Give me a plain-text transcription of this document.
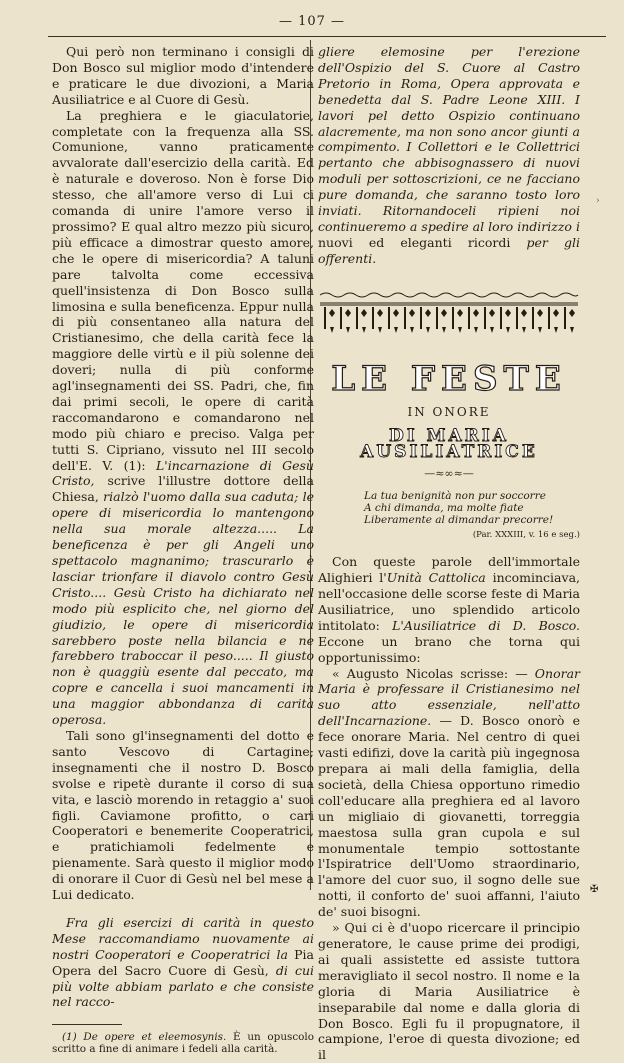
— 107 —

Qui però non terminano i consigli di Don Bosco sul miglior modo d'intendere e praticare le due divozioni, a Maria Ausiliatrice e al Cuore di Gesù.

La preghiera e le giaculatorie, completate con la frequenza alla SS. Comunione, vanno praticamente avvalorate dall'esercizio della carità. Ed è naturale e doveroso. Non è forse Dio stesso, che all'amore verso di Lui ci comanda di unire l'amore verso il prossimo? E qual altro mezzo più sicuro, più efficace a dimostrar questo amore, che le opere di misericordia? A taluni pare talvolta come eccessiva quell'insistenza di Don Bosco sulla limosina e sulla beneficenza. Eppur nulla di più consentaneo alla natura del Cristianesimo, che della carità fece la maggiore delle virtù e il più solenne dei doveri; nulla di più conforme agl'insegnamenti dei SS. Padri, che, fin dai primi secoli, le opere di carità raccomandarono e comandarono nel modo più chiaro e preciso. Valga per tutti S. Cipriano, vissuto nel III secolo dell'E. V. (1): L'incarnazione di Gesù Cristo, scrive l'illustre dottore della Chiesa, rialzò l'uomo dalla sua caduta; le opere di misericordia lo mantengono nella sua morale altezza..... La beneficenza è per gli Angeli uno spettacolo magnanimo; trascurarlo è lasciar trionfare il diavolo contro Gesù Cristo.... Gesù Cristo ha dichiarato nel modo più esplicito che, nel giorno del giudizio, le opere di misericordia sarebbero poste nella bilancia e ne farebbero traboccar il peso..... Il giusto non è quaggiù esente dal peccato, ma copre e cancella i suoi mancamenti in una maggior abbondanza di carità operosa.

Tali sono gl'insegnamenti del dotto e santo Vescovo di Cartagine; insegnamenti che il nostro D. Bosco svolse e ripetè durante il corso di sua vita, e lasciò morendo in retaggio a' suoi figli. Caviamone profitto, o cari Cooperatori e benemerite Cooperatrici, e pratichiamoli fedelmente e pienamente. Sarà questo il miglior modo di onorare il Cuor di Gesù nel bel mese a Lui dedicato.

Fra gli esercizi di carità in questo Mese raccomandiamo nuovamente ai nostri Cooperatori e Cooperatrici la Pia Opera del Sacro Cuore di Gesù, di cui più volte abbiam parlato e che consiste nel racco-

(1) De opere et eleemosynis. È un opuscolo scritto a fine di animare i fedeli alla carità.

gliere elemosine per l'erezione dell'Ospizio del S. Cuore al Castro Pretorio in Roma, Opera approvata e benedetta dal S. Padre Leone XIII. I lavori pel detto Ospizio continuano alacremente, ma non sono ancor giunti a compimento. I Collettori e le Collettrici pertanto che abbisognassero di nuovi moduli per sottoscrizioni, ce ne facciano pure domanda, che saranno tosto loro inviati. Ritornandoceli ripieni noi continueremo a spedire al loro indirizzo i nuovi ed eleganti ricordi per gli offerenti.

LE FESTE
IN ONORE
DI MARIA AUSILIATRICE
—≈∞≈—
La tua benignità non pur soccorre
A chi dimanda, ma molte fiate
Liberamente al dimandar precorre!
(Par. XXXIII, v. 16 e seg.)

Con queste parole dell'immortale Alighieri l'Unità Cattolica incominciava, nell'occasione delle scorse feste di Maria Ausiliatrice, uno splendido articolo intitolato: L'Ausiliatrice di D. Bosco. Eccone un brano che torna qui opportunissimo:

« Augusto Nicolas scrisse: — Onorar Maria è professare il Cristianesimo nel suo atto essenziale, nell'atto dell'Incarnazione. — D. Bosco onorò e fece onorare Maria. Nel centro di quei vasti edifizi, dove la carità più ingegnosa prepara ai mali della famiglia, della società, della Chiesa opportuno rimedio coll'educare alla preghiera ed al lavoro un migliaio di giovanetti, torreggia maestosa sulla gran cupola e sul monumentale tempio sottostante l'Ispiratrice dell'Uomo straordinario, l'amore del cuor suo, il sogno delle sue notti, il conforto de' suoi affanni, l'aiuto de' suoi bisogni.

» Qui ci è d'uopo ricercare il principio generatore, le cause prime dei prodigi, ai quali assistette ed assiste tuttora meravigliato il secol nostro. Il nome e la gloria di Maria Ausiliatrice è inseparabile dal nome e dalla gloria di Don Bosco. Egli fu il propugnatore, il campione, l'eroe di questa divozione; ed il

›
✠
